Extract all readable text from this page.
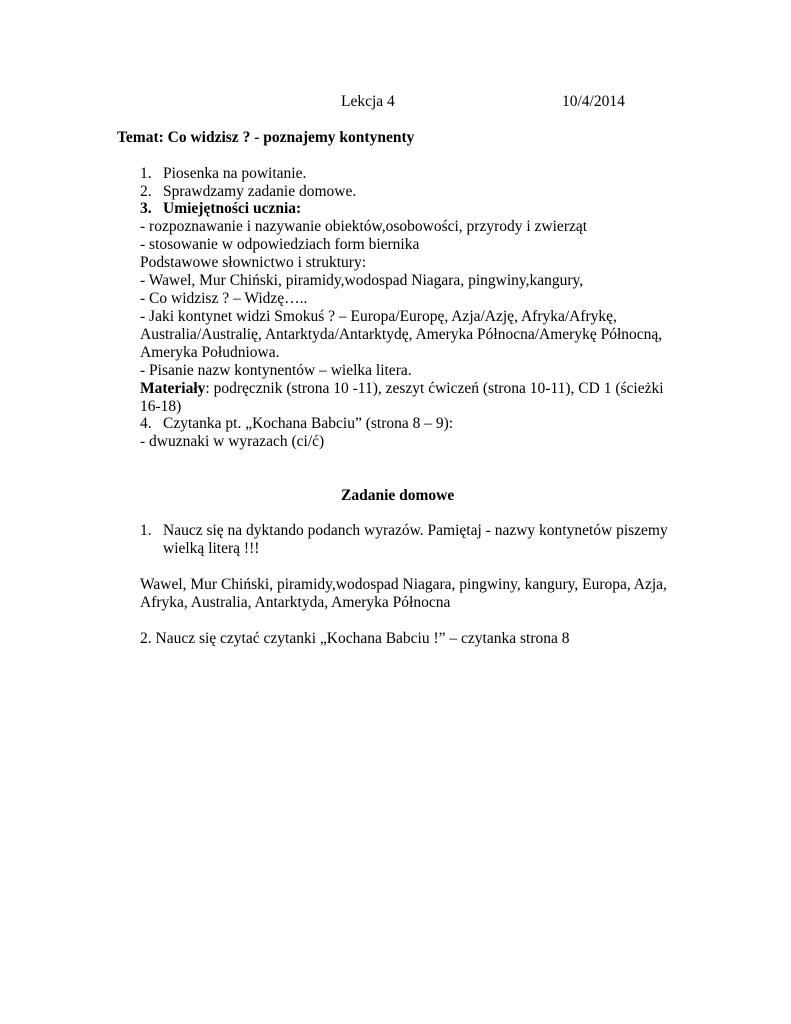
Lekcja 4	10/4/2014
Temat: Co widzisz ? - poznajemy kontynenty
1. Piosenka na powitanie.
2. Sprawdzamy zadanie domowe.
3. Umiejętności ucznia:
- rozpoznawanie i nazywanie obiektów,osobowości, przyrody i zwierząt
- stosowanie w odpowiedziach form biernika
Podstawowe słownictwo i struktury:
- Wawel, Mur Chiński, piramidy,wodospad Niagara, pingwiny,kangury,
- Co widzisz ? – Widzę…..
- Jaki kontynet widzi Smokuś ? – Europa/Europę, Azja/Azję, Afryka/Afrykę,
Australia/Australię, Antarktyda/Antarktydę, Ameryka Północna/Amerykę Północną,
Ameryka Południowa.
- Pisanie nazw kontynentów – wielka litera.
Materiały: podręcznik (strona 10 -11), zeszyt ćwiczeń (strona 10-11), CD 1 (ścieżki
16-18)
4. Czytanka pt. „Kochana Babciu” (strona 8 – 9):
- dwuznaki w wyrazach (ci/ć)
Zadanie domowe
1. Naucz się na dyktando podanch wyrazów. Pamiętaj - nazwy kontynetów piszemy
wielką literą !!!
Wawel, Mur Chiński, piramidy,wodospad Niagara, pingwiny, kangury, Europa, Azja,
Afryka, Australia, Antarktyda, Ameryka Północna
2. Naucz się czytać czytanki „Kochana Babciu !” – czytanka strona 8
